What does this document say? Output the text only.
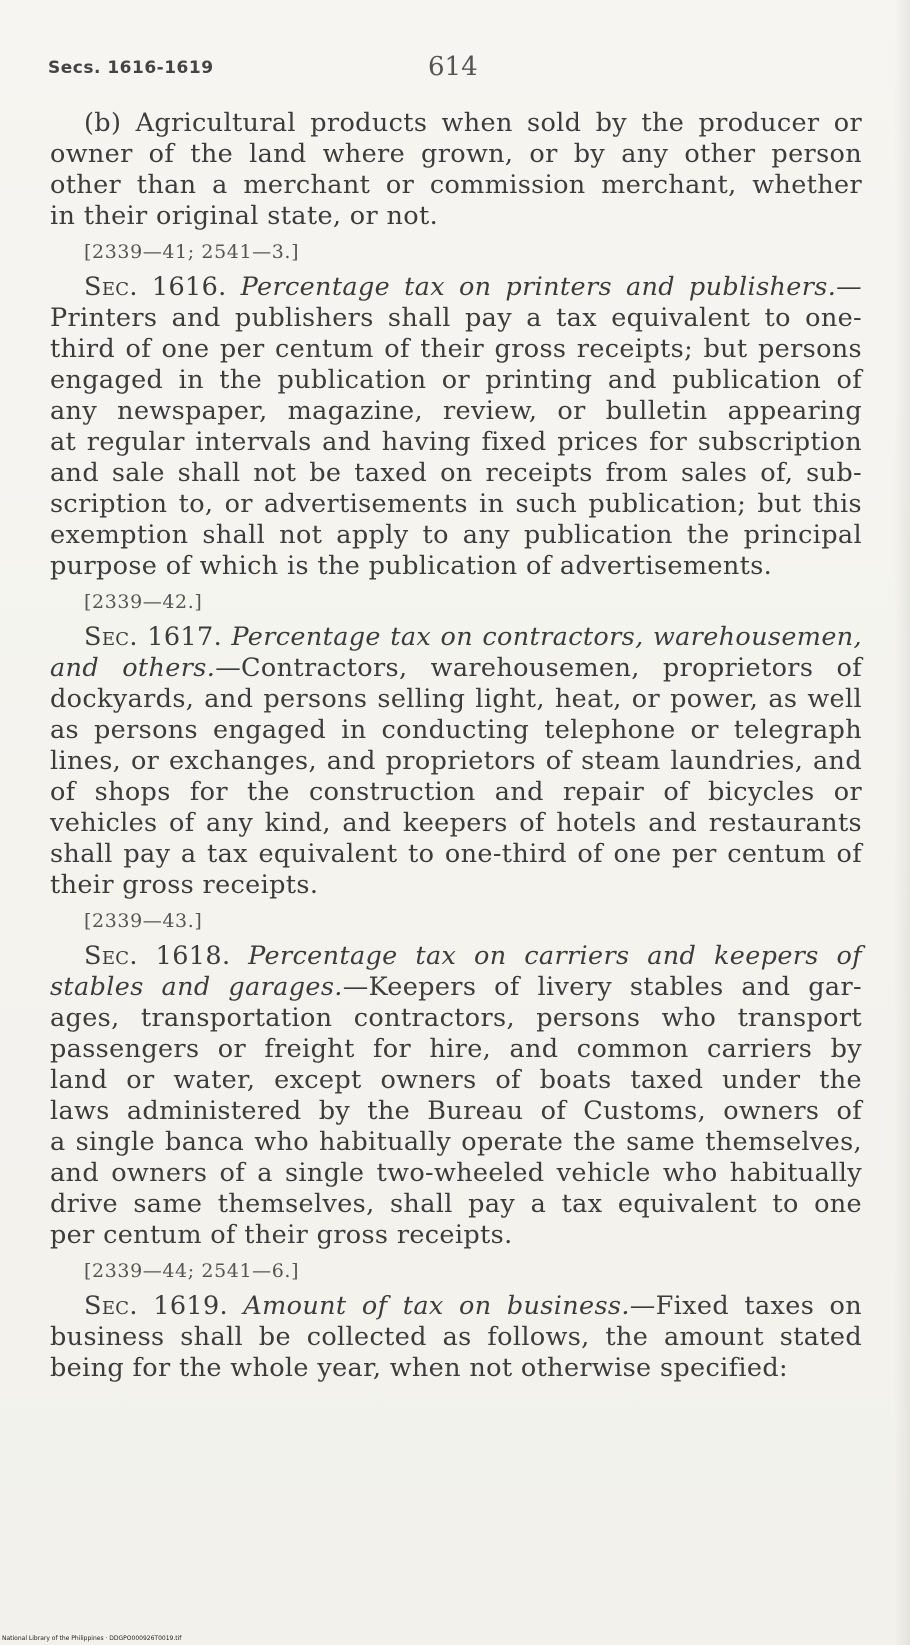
Secs. 1616-1619	614
(b) Agricultural products when sold by the producer or
owner of the land where grown, or by any other person
other than a merchant or commission merchant, whether
in their original state, or not.
[2339—41; 2541—3.]
Sec. 1616. Percentage tax on printers and publishers.—
Printers and publishers shall pay a tax equivalent to one-
third of one per centum of their gross receipts; but persons
engaged in the publication or printing and publication of
any newspaper, magazine, review, or bulletin appearing
at regular intervals and having fixed prices for subscription
and sale shall not be taxed on receipts from sales of, sub-
scription to, or advertisements in such publication; but this
exemption shall not apply to any publication the principal
purpose of which is the publication of advertisements.
[2339—42.]
Sec. 1617. Percentage tax on contractors, warehousemen,
and others.—Contractors, warehousemen, proprietors of
dockyards, and persons selling light, heat, or power, as well
as persons engaged in conducting telephone or telegraph
lines, or exchanges, and proprietors of steam laundries, and
of shops for the construction and repair of bicycles or
vehicles of any kind, and keepers of hotels and restaurants
shall pay a tax equivalent to one-third of one per centum of
their gross receipts.
[2339—43.]
Sec. 1618. Percentage tax on carriers and keepers of
stables and garages.—Keepers of livery stables and gar-
ages, transportation contractors, persons who transport
passengers or freight for hire, and common carriers by
land or water, except owners of boats taxed under the
laws administered by the Bureau of Customs, owners of
a single banca who habitually operate the same themselves,
and owners of a single two-wheeled vehicle who habitually
drive same themselves, shall pay a tax equivalent to one
per centum of their gross receipts.
[2339—44; 2541—6.]
Sec. 1619. Amount of tax on business.—Fixed taxes on
business shall be collected as follows, the amount stated
being for the whole year, when not otherwise specified:
National Library of the Philippines · DDGPO000926T0019.tif
